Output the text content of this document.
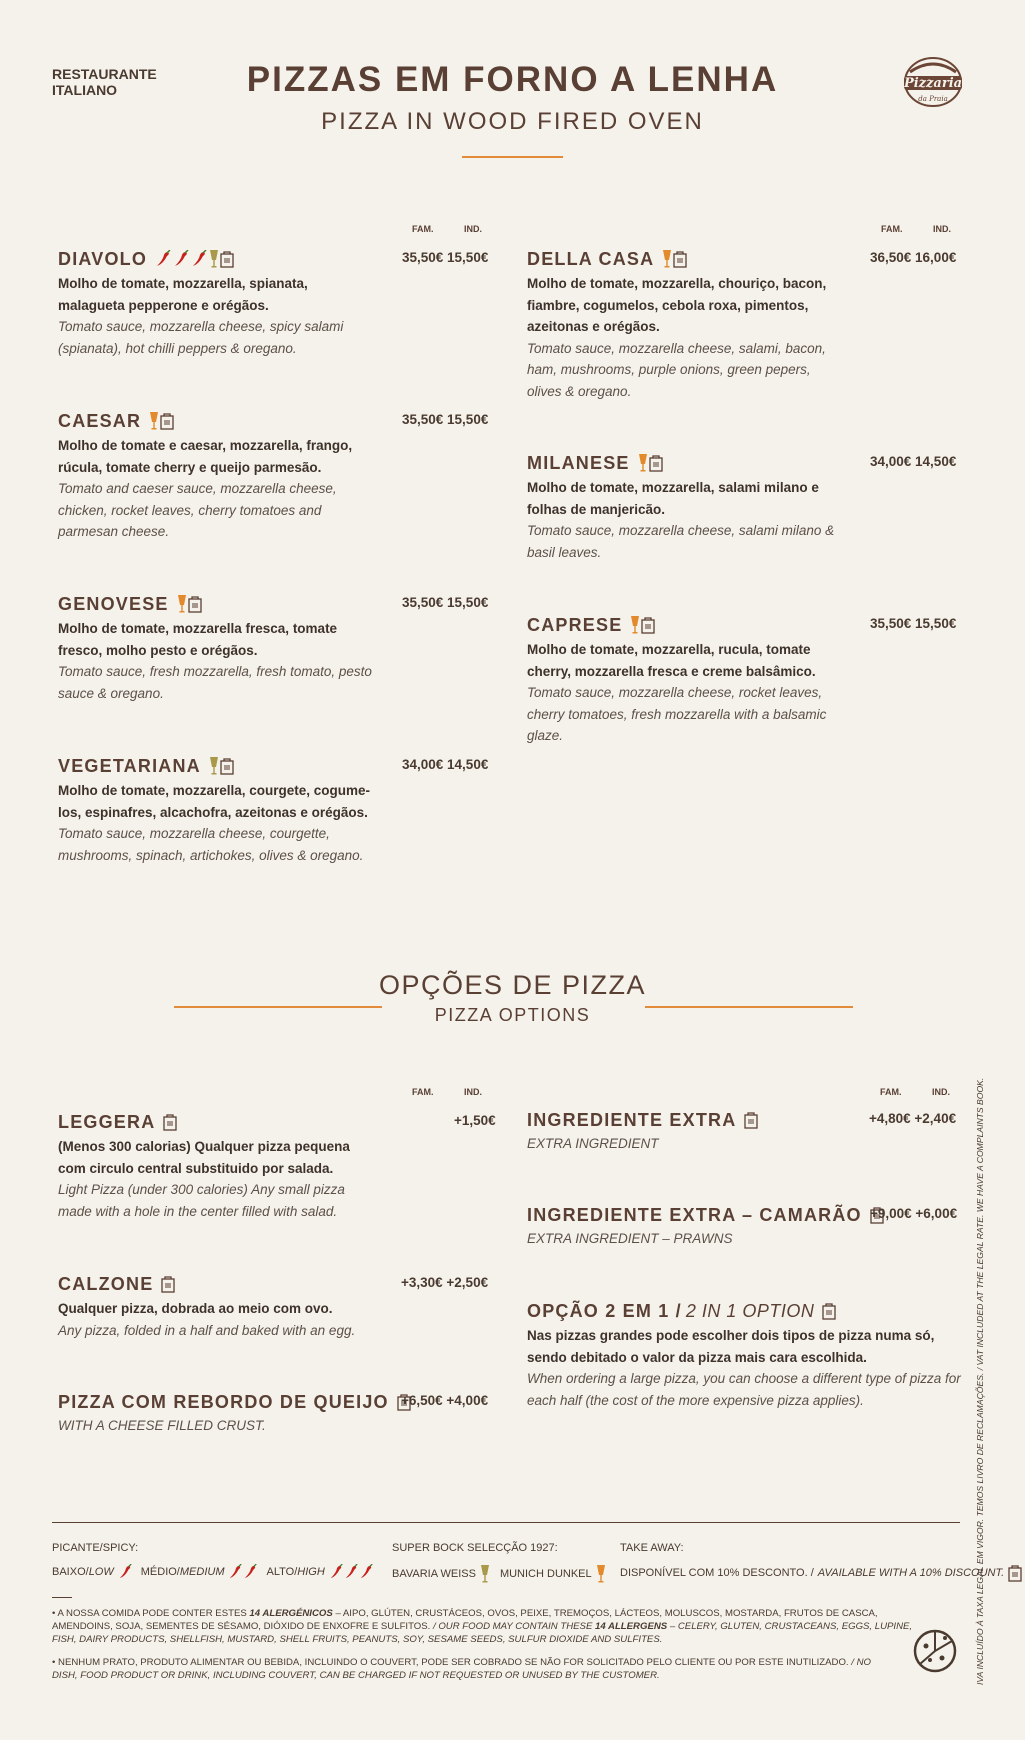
RESTAURANTE ITALIANO	PIZZAS EM FORNO A LENHA
PIZZA IN WOOD FIRED OVEN
Pizzaria
da Praia
FAM.	IND.	FAM.	IND.
DIAVOLO	35,50€ 15,50€
Molho de tomate, mozzarella, spianata, malagueta pepperone e orégãos.
Tomato sauce, mozzarella cheese, spicy salami (spianata), hot chilli peppers & oregano.
CAESAR	35,50€ 15,50€
Molho de tomate e caesar, mozzarella, frango, rúcula, tomate cherry e queijo parmesão.
Tomato and caeser sauce, mozzarella cheese, chicken, rocket leaves, cherry tomatoes and parmesan cheese.
GENOVESE	35,50€ 15,50€
Molho de tomate, mozzarella fresca, tomate fresco, molho pesto e orégãos.
Tomato sauce, fresh mozzarella, fresh tomato, pesto sauce & oregano.
VEGETARIANA	34,00€ 14,50€
Molho de tomate, mozzarella, courgete, cogume-los, espinafres, alcachofra, azeitonas e orégãos.
Tomato sauce, mozzarella cheese, courgette, mushrooms, spinach, artichokes, olives & oregano.
DELLA CASA	36,50€ 16,00€
Molho de tomate, mozzarella, chouriço, bacon, fiambre, cogumelos, cebola roxa, pimentos, azeitonas e orégãos.
Tomato sauce, mozzarella cheese, salami, bacon, ham, mushrooms, purple onions, green pepers, olives & oregano.
MILANESE	34,00€ 14,50€
Molho de tomate, mozzarella, salami milano e folhas de manjericão.
Tomato sauce, mozzarella cheese, salami milano & basil leaves.
CAPRESE	35,50€ 15,50€
Molho de tomate, mozzarella, rucula, tomate cherry, mozzarella fresca e creme balsâmico.
Tomato sauce, mozzarella cheese, rocket leaves, cherry tomatoes, fresh mozzarella with a balsamic glaze.
OPÇÕES DE PIZZA
PIZZA OPTIONS
FAM.	IND.	FAM.	IND.
LEGGERA	+1,50€
(Menos 300 calorias) Qualquer pizza pequena com circulo central substituido por salada.
Light Pizza (under 300 calories) Any small pizza made with a hole in the center filled with salad.
CALZONE	+3,30€ +2,50€
Qualquer pizza, dobrada ao meio com ovo.
Any pizza, folded in a half and baked with an egg.
PIZZA COM REBORDO DE QUEIJO +6,50€ +4,00€
WITH A CHEESE FILLED CRUST.
INGREDIENTE EXTRA	+4,80€ +2,40€
EXTRA INGREDIENT
INGREDIENTE EXTRA – CAMARÃO +9,00€ +6,00€
EXTRA INGREDIENT – PRAWNS
OPÇÃO 2 EM 1 / 2 IN 1 OPTION
Nas pizzas grandes pode escolher dois tipos de pizza numa só, sendo debitado o valor da pizza mais cara escolhida.
When ordering a large pizza, you can choose a different type of pizza for each half (the cost of the more expensive pizza applies).
PICANTE/SPICY:
BAIXO/ LOW MÉDIO/ MEDIUM	ALTO/ HIGH
SUPER BOCK SELECÇÃO 1927:
BAVARIA WEISS MUNICH DUNKEL
TAKE AWAY:
DISPONÍVEL COM 10% DESCONTO. / AVAILABLE WITH A 10% DISCOUNT.
• A NOSSA COMIDA PODE CONTER ESTES 14 ALERGÉNICOS – AIPO, GLÚTEN, CRUSTÁCEOS, OVOS, PEIXE, TREMOÇOS, LÁCTEOS, MOLUSCOS, MOSTARDA, FRUTOS DE CASCA, AMENDOINS, SOJA, SEMENTES DE SÉSAMO, DIÓXIDO DE ENXOFRE E SULFITOS. / OUR FOOD MAY CONTAIN THESE 14 ALLERGENS – CELERY, GLUTEN, CRUSTACEANS, EGGS, LUPINE, FISH, DAIRY PRODUCTS, SHELLFISH, MUSTARD, SHELL FRUITS, PEANUTS, SOY, SESAME SEEDS, SULFUR DIOXIDE AND SULFITES.
• NENHUM PRATO, PRODUTO ALIMENTAR OU BEBIDA, INCLUINDO O COUVERT, PODE SER COBRADO SE NÃO FOR SOLICITADO PELO CLIENTE OU POR ESTE INUTILIZADO. / NO DISH, FOOD PRODUCT OR DRINK, INCLUDING COUVERT, CAN BE CHARGED IF NOT REQUESTED OR UNUSED BY THE CUSTOMER.	IVA INCLUÍDO À TAXA LEGAL EM VIGOR. TEMOS LIVRO DE RECLAMAÇÕES. / VAT INCLUDED AT THE LEGAL RATE. WE HAVE A COMPLAINTS BOOK.
